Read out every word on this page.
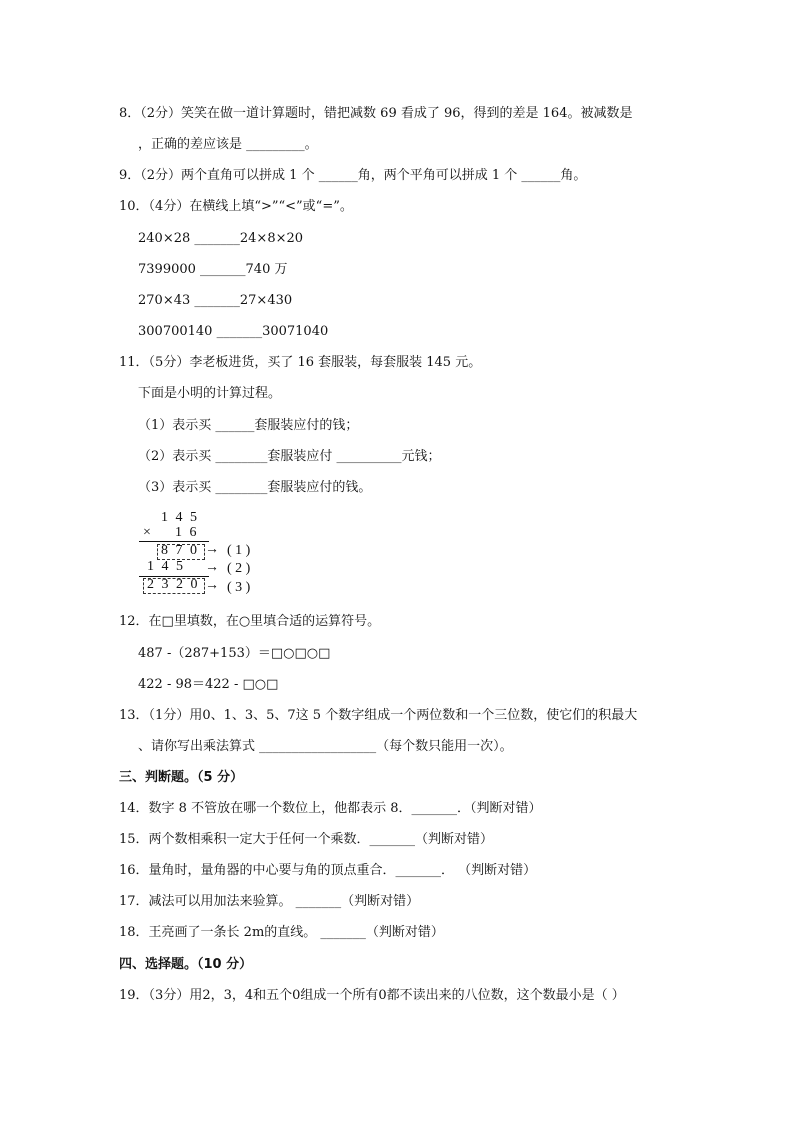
8．（2分）笑笑在做一道计算题时，错把减数 69 看成了 96，得到的差是 164。被减数是
，正确的差应该是 _________。
9．（2分）两个直角可以拼成 1 个 ______角，两个平角可以拼成 1 个 ______角。
10．（4分）在横线上填“>”“<”或“=”。
240×28 _______24×8×20
7399000 _______740 万
270×43 _______27×430
300700140 _______30071040
11．（5分）李老板进货，买了 16 套服装，每套服装 145 元。
下面是小明的计算过程。
（1）表示买 ______套服装应付的钱；
（2）表示买 ________套服装应付 __________元钱；
（3）表示买 ________套服装应付的钱。
1 4 5
× 1 6
8 7 0 → ( 1 )
1 4 5 → ( 2 )
2 3 2 0 → ( 3 )
12．在□里填数，在○里填合适的运算符号。
487 -（287+153）＝□○□○□
422 - 98＝422 - □○□
13．（1分）用0、1、3、5、7这 5 个数字组成一个两位数和一个三位数，使它们的积最大
、请你写出乘法算式 __________________（每个数只能用一次）。
三、判断题。（5 分）
14．数字 8 不管放在哪一个数位上，他都表示 8．_______．（判断对错）
15．两个数相乘积一定大于任何一个乘数．_______（判断对错）
16．量角时，量角器的中心要与角的顶点重合．_______． （判断对错）
17．减法可以用加法来验算。 _______（判断对错）
18．王亮画了一条长 2m的直线。 _______（判断对错）
四、选择题。（10 分）
19．（3分）用2，3，4和五个0组成一个所有0都不读出来的八位数，这个数最小是（ ）
